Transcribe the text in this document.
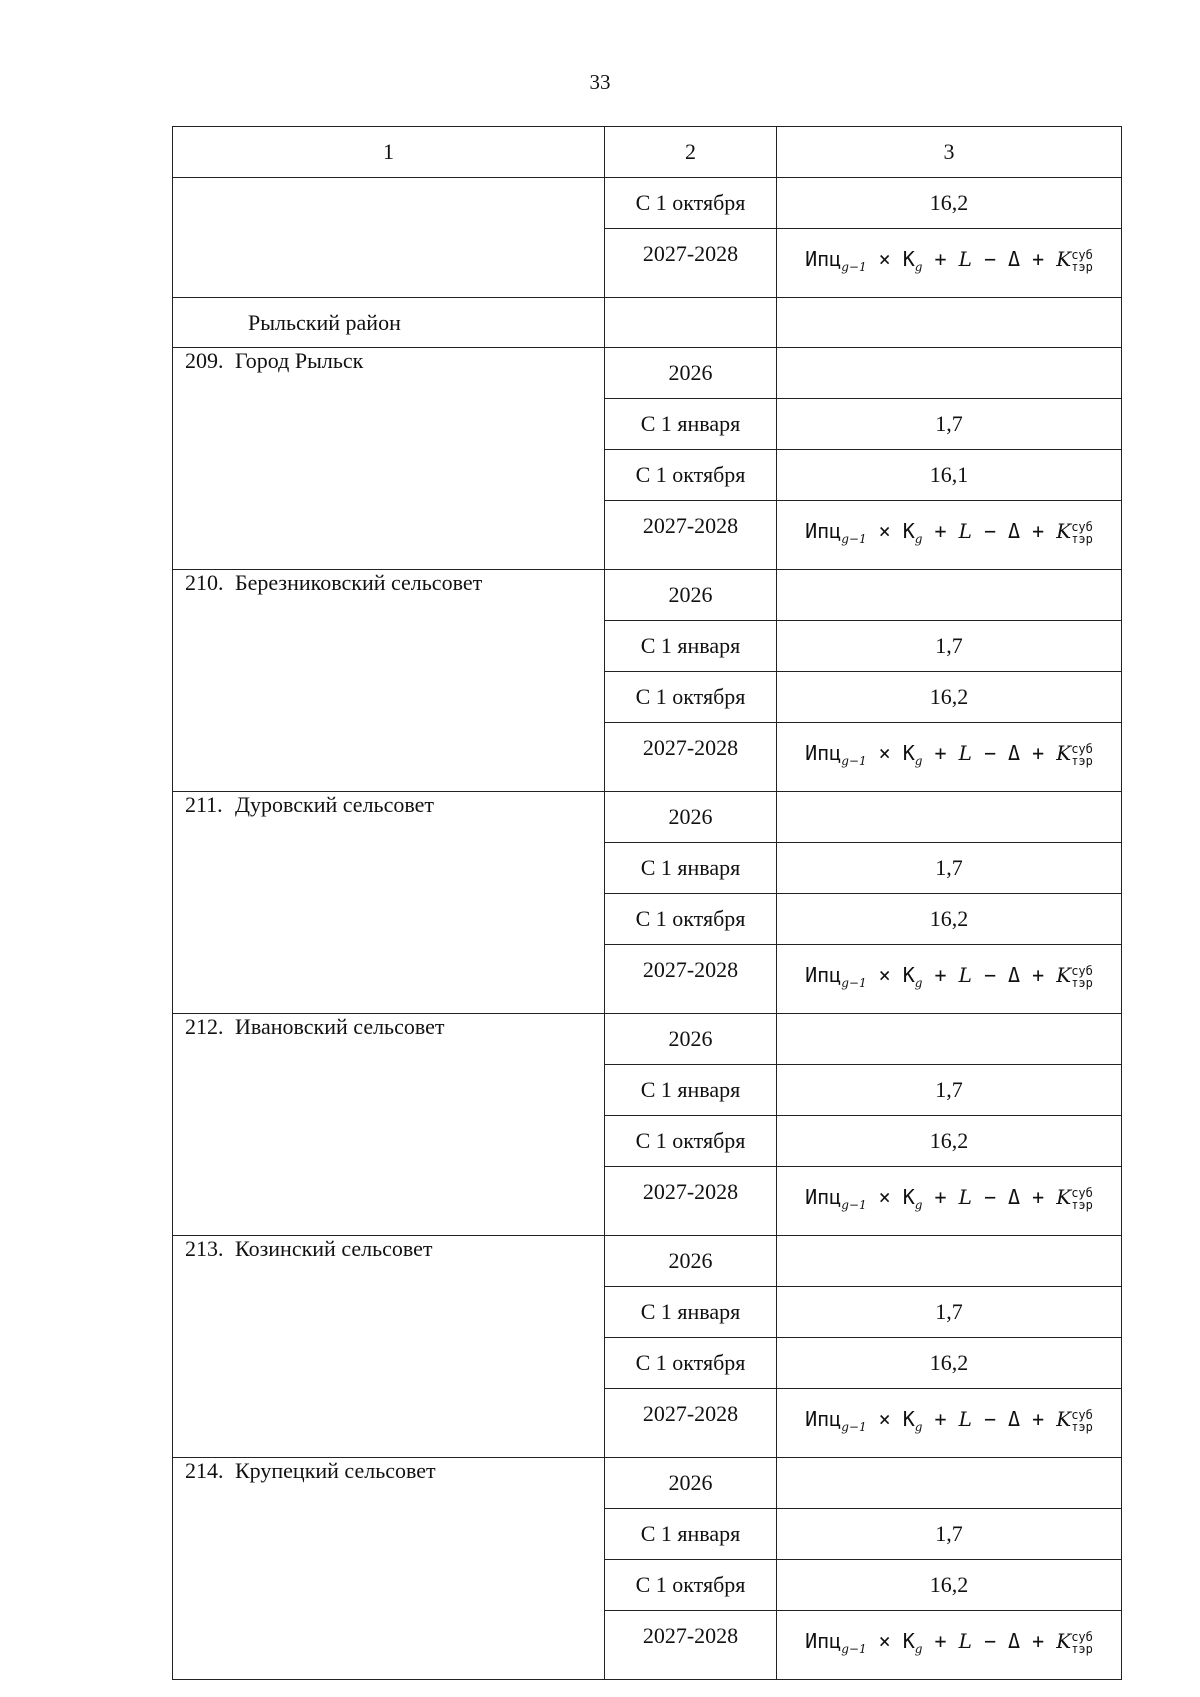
33
1	2	3
	С 1 октября	16,2
	2027-2028	$Ипц_{g-1} \times К_g + L - \Delta + K$ суб
тэр

Рыльский район		
209. Город Рыльск	2026	
	С 1 января	1,7
	С 1 октября	16,1
	2027-2028	$Ипц_{g-1} \times К_g + L - \Delta + K$ суб
тэр

210. Березниковский сельсовет	2026	
	С 1 января	1,7
	С 1 октября	16,2
	2027-2028	$Ипц_{g-1} \times К_g + L - \Delta + K$ суб
тэр

211. Дуровский сельсовет	2026	
	С 1 января	1,7
	С 1 октября	16,2
	2027-2028	$Ипц_{g-1} \times К_g + L - \Delta + K$ суб
тэр

212. Ивановский сельсовет	2026	
	С 1 января	1,7
	С 1 октября	16,2
	2027-2028	$Ипц_{g-1} \times К_g + L - \Delta + K$ суб
тэр

213. Козинский сельсовет	2026	
	С 1 января	1,7
	С 1 октября	16,2
	2027-2028	$Ипц_{g-1} \times К_g + L - \Delta + K$ суб
тэр

214. Крупецкий сельсовет	2026	
	С 1 января	1,7
	С 1 октября	16,2
	2027-2028	$Ипц_{g-1} \times К_g + L - \Delta + K$ суб
тэр
